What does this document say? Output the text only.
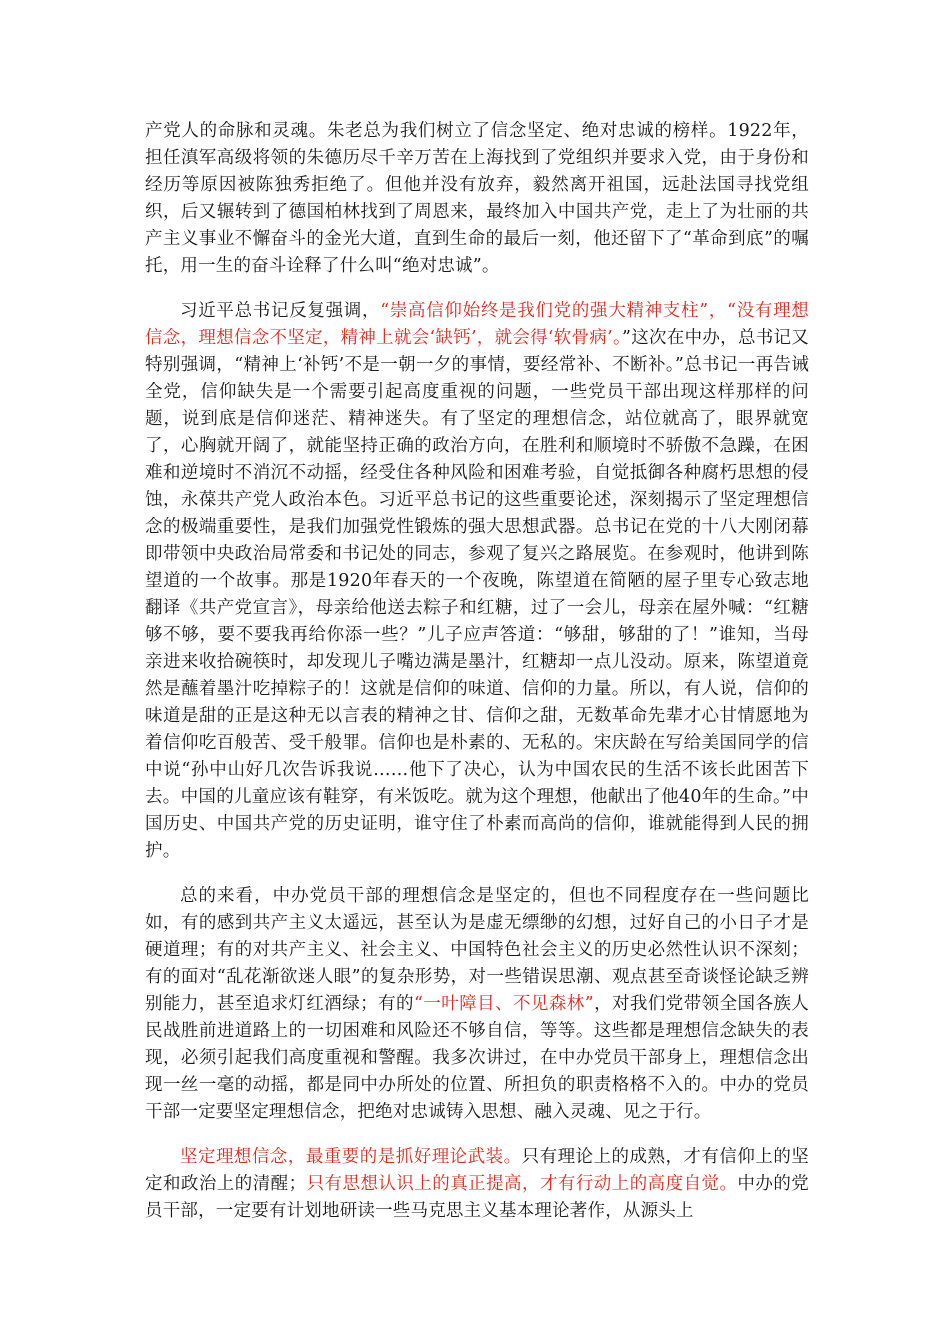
产党人的命脉和灵魂。朱老总为我们树立了信念坚定、绝对忠诚的榜样。1922年，担任滇军高级将领的朱德历尽千辛万苦在上海找到了党组织并要求入党，由于身份和经历等原因被陈独秀拒绝了。但他并没有放弃，毅然离开祖国，远赴法国寻找党组织，后又辗转到了德国柏林找到了周恩来，最终加入中国共产党，走上了为壮丽的共产主义事业不懈奋斗的金光大道，直到生命的最后一刻，他还留下了“革命到底”的嘱托，用一生的奋斗诠释了什么叫“绝对忠诚”。

习近平总书记反复强调，“崇高信仰始终是我们党的强大精神支柱”，“没有理想信念，理想信念不坚定，精神上就会‘缺钙’，就会得‘软骨病’。”这次在中办，总书记又特别强调，“精神上‘补钙’不是一朝一夕的事情，要经常补、不断补。”总书记一再告诫全党，信仰缺失是一个需要引起高度重视的问题，一些党员干部出现这样那样的问题，说到底是信仰迷茫、精神迷失。有了坚定的理想信念，站位就高了，眼界就宽了，心胸就开阔了，就能坚持正确的政治方向，在胜利和顺境时不骄傲不急躁，在困难和逆境时不消沉不动摇，经受住各种风险和困难考验，自觉抵御各种腐朽思想的侵蚀，永葆共产党人政治本色。习近平总书记的这些重要论述，深刻揭示了坚定理想信念的极端重要性，是我们加强党性锻炼的强大思想武器。总书记在党的十八大刚闭幕即带领中央政治局常委和书记处的同志，参观了复兴之路展览。在参观时，他讲到陈望道的一个故事。那是1920年春天的一个夜晚，陈望道在简陋的屋子里专心致志地翻译《共产党宣言》，母亲给他送去粽子和红糖，过了一会儿，母亲在屋外喊：“红糖够不够，要不要我再给你添一些？”儿子应声答道：“够甜，够甜的了！”谁知，当母亲进来收拾碗筷时，却发现儿子嘴边满是墨汁，红糖却一点儿没动。原来，陈望道竟然是蘸着墨汁吃掉粽子的！这就是信仰的味道、信仰的力量。所以，有人说，信仰的味道是甜的正是这种无以言表的精神之甘、信仰之甜，无数革命先辈才心甘情愿地为着信仰吃百般苦、受千般罪。信仰也是朴素的、无私的。宋庆龄在写给美国同学的信中说“孙中山好几次告诉我说……他下了决心，认为中国农民的生活不该长此困苦下去。中国的儿童应该有鞋穿，有米饭吃。就为这个理想，他献出了他40年的生命。”中国历史、中国共产党的历史证明，谁守住了朴素而高尚的信仰，谁就能得到人民的拥护。

总的来看，中办党员干部的理想信念是坚定的，但也不同程度存在一些问题比如，有的感到共产主义太遥远，甚至认为是虚无缥缈的幻想，过好自己的小日子才是硬道理；有的对共产主义、社会主义、中国特色社会主义的历史必然性认识不深刻；有的面对“乱花渐欲迷人眼”的复杂形势，对一些错误思潮、观点甚至奇谈怪论缺乏辨别能力，甚至追求灯红酒绿；有的“一叶障目、不见森林”，对我们党带领全国各族人民战胜前进道路上的一切困难和风险还不够自信，等等。这些都是理想信念缺失的表现，必须引起我们高度重视和警醒。我多次讲过，在中办党员干部身上，理想信念出现一丝一毫的动摇，都是同中办所处的位置、所担负的职责格格不入的。中办的党员干部一定要坚定理想信念，把绝对忠诚铸入思想、融入灵魂、见之于行。

坚定理想信念，最重要的是抓好理论武装。只有理论上的成熟，才有信仰上的坚定和政治上的清醒；只有思想认识上的真正提高，才有行动上的高度自觉。中办的党员干部，一定要有计划地研读一些马克思主义基本理论著作，从源头上
